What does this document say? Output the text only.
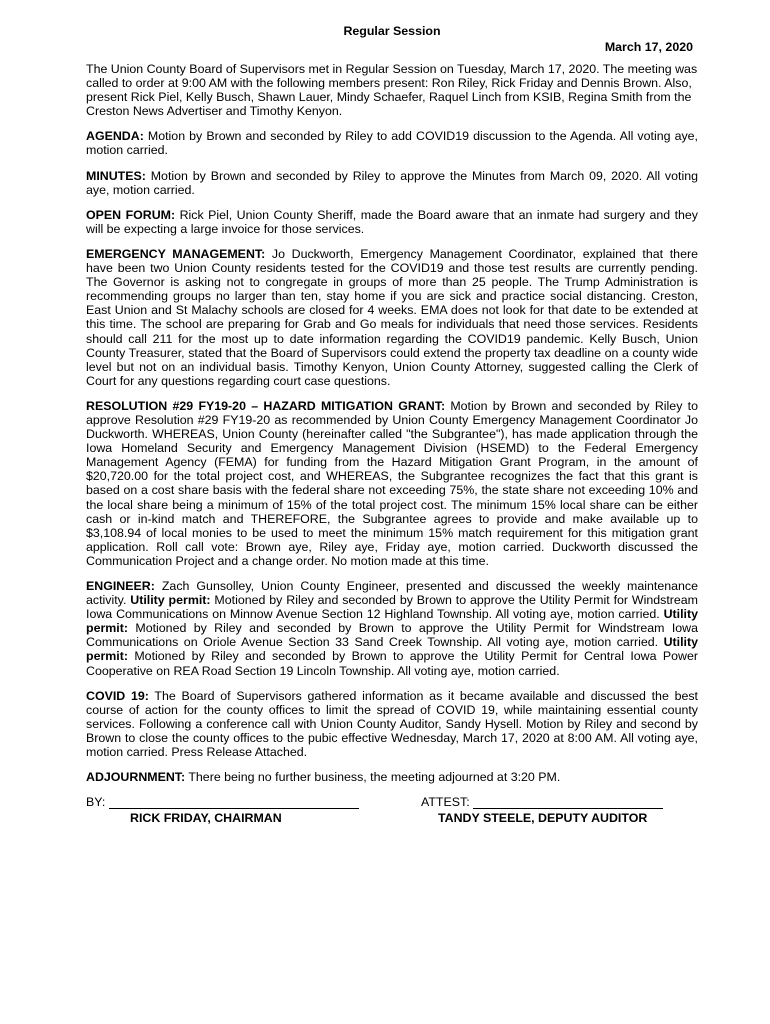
Regular Session
March 17, 2020

The Union County Board of Supervisors met in Regular Session on Tuesday, March 17, 2020. The meeting was called to order at 9:00 AM with the following members present: Ron Riley, Rick Friday and Dennis Brown. Also, present Rick Piel, Kelly Busch, Shawn Lauer, Mindy Schaefer, Raquel Linch from KSIB, Regina Smith from the Creston News Advertiser and Timothy Kenyon.

AGENDA: Motion by Brown and seconded by Riley to add COVID19 discussion to the Agenda. All voting aye, motion carried.

MINUTES: Motion by Brown and seconded by Riley to approve the Minutes from March 09, 2020. All voting aye, motion carried.

OPEN FORUM: Rick Piel, Union County Sheriff, made the Board aware that an inmate had surgery and they will be expecting a large invoice for those services.

EMERGENCY MANAGEMENT: Jo Duckworth, Emergency Management Coordinator, explained that there have been two Union County residents tested for the COVID19 and those test results are currently pending. The Governor is asking not to congregate in groups of more than 25 people. The Trump Administration is recommending groups no larger than ten, stay home if you are sick and practice social distancing. Creston, East Union and St Malachy schools are closed for 4 weeks. EMA does not look for that date to be extended at this time. The school are preparing for Grab and Go meals for individuals that need those services. Residents should call 211 for the most up to date information regarding the COVID19 pandemic. Kelly Busch, Union County Treasurer, stated that the Board of Supervisors could extend the property tax deadline on a county wide level but not on an individual basis. Timothy Kenyon, Union County Attorney, suggested calling the Clerk of Court for any questions regarding court case questions.

RESOLUTION #29 FY19-20 – HAZARD MITIGATION GRANT: Motion by Brown and seconded by Riley to approve Resolution #29 FY19-20 as recommended by Union County Emergency Management Coordinator Jo Duckworth. WHEREAS, Union County (hereinafter called "the Subgrantee"), has made application through the Iowa Homeland Security and Emergency Management Division (HSEMD) to the Federal Emergency Management Agency (FEMA) for funding from the Hazard Mitigation Grant Program, in the amount of $20,720.00 for the total project cost, and WHEREAS, the Subgrantee recognizes the fact that this grant is based on a cost share basis with the federal share not exceeding 75%, the state share not exceeding 10% and the local share being a minimum of 15% of the total project cost. The minimum 15% local share can be either cash or in-kind match and THEREFORE, the Subgrantee agrees to provide and make available up to $3,108.94 of local monies to be used to meet the minimum 15% match requirement for this mitigation grant application. Roll call vote: Brown aye, Riley aye, Friday aye, motion carried. Duckworth discussed the Communication Project and a change order. No motion made at this time.

ENGINEER: Zach Gunsolley, Union County Engineer, presented and discussed the weekly maintenance activity. Utility permit: Motioned by Riley and seconded by Brown to approve the Utility Permit for Windstream Iowa Communications on Minnow Avenue Section 12 Highland Township. All voting aye, motion carried. Utility permit: Motioned by Riley and seconded by Brown to approve the Utility Permit for Windstream Iowa Communications on Oriole Avenue Section 33 Sand Creek Township. All voting aye, motion carried. Utility permit: Motioned by Riley and seconded by Brown to approve the Utility Permit for Central Iowa Power Cooperative on REA Road Section 19 Lincoln Township. All voting aye, motion carried.

COVID 19: The Board of Supervisors gathered information as it became available and discussed the best course of action for the county offices to limit the spread of COVID 19, while maintaining essential county services. Following a conference call with Union County Auditor, Sandy Hysell. Motion by Riley and second by Brown to close the county offices to the pubic effective Wednesday, March 17, 2020 at 8:00 AM. All voting aye, motion carried. Press Release Attached.

ADJOURNMENT: There being no further business, the meeting adjourned at 3:20 PM.

BY:
RICK FRIDAY, CHAIRMAN
ATTEST:
TANDY STEELE, DEPUTY AUDITOR
